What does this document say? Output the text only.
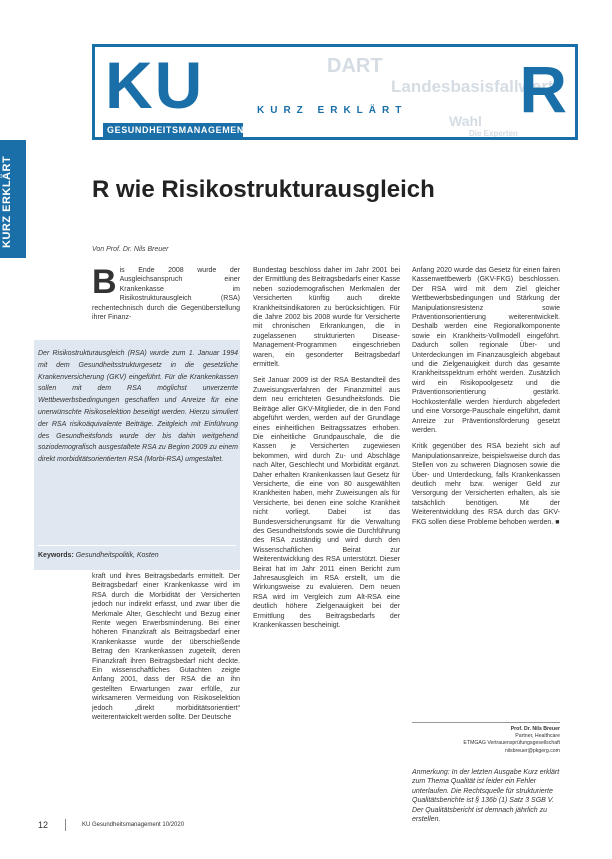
DART
Landesbasisfallwert
Wahl
Die Experten
KU
GESUNDHEITSMANAGEMENT
KURZ ERKLÄRT R
KURZ ERKLÄRT	R wie Risikostrukturausgleich
Von Prof. Dr. Nils Breuer
Bis Ende 2008 wurde der Ausgleichsanspruch einer Krankenkasse im Risikostrukturausgleich (RSA) rechentechnisch durch die Gegenüberstellung ihrer Finanz-
Der Risikostrukturausgleich (RSA) wurde zum 1. Januar 1994 mit dem Gesundheitsstrukturgesetz in die gesetzliche Krankenversicherung (GKV) eingeführt. Für die Krankenkassen sollen mit dem RSA möglichst unverzerrte Wettbewerbsbedingungen geschaffen und Anreize für eine unerwünschte Risikoselektion beseitigt werden. Hierzu simuliert der RSA risikoäquivalente Beiträge. Zeitgleich mit Einführung des Gesundheitsfonds wurde der bis dahin weitgehend soziodemografisch ausgestaltete RSA zu Beginn 2009 zu einem direkt morbiditätsorientierten RSA (Morbi-RSA) umgestaltet.
Keywords: Gesundheitspolitik, Kosten

kraft und ihres Beitragsbedarfs ermittelt. Der Beitragsbedarf einer Krankenkasse wird im RSA durch die Morbidität der Versicherten jedoch nur indirekt erfasst, und zwar über die Merkmale Alter, Geschlecht und Bezug einer Rente wegen Erwerbsminderung. Bei einer höheren Finanzkraft als Beitragsbedarf einer Krankenkasse wurde der überschießende Betrag den Krankenkassen zugeteilt, deren Finanzkraft ihren Beitragsbedarf nicht deckte. Ein wissenschaftliches Gutachten zeigte Anfang 2001, dass der RSA die an ihn gestellten Erwartungen zwar erfülle, zur wirksameren Vermeidung von Risikoselektion jedoch „direkt morbiditätsorientiert“ weiterentwickelt werden sollte. Der Deutsche

Bundestag beschloss daher im Jahr 2001 bei der Ermittlung des Beitragsbedarfs einer Kasse neben soziodemografischen Merkmalen der Versicherten künftig auch direkte Krankheitsindikatoren zu berücksichtigen. Für die Jahre 2002 bis 2008 wurde für Versicherte mit chronischen Erkrankungen, die in zugelassenen strukturierten Disease-Management-Programmen eingeschrieben waren, ein gesonderter Beitragsbedarf ermittelt.

Seit Januar 2009 ist der RSA Bestandteil des Zuweisungsverfahren der Finanzmittel aus dem neu errichteten Gesundheitsfonds. Die Beiträge aller GKV-Mitglieder, die in den Fond abgeführt werden, werden auf der Grundlage eines einheitlichen Beitragssatzes erhoben. Die einheitliche Grundpauschale, die die Kassen je Versicherten zugewiesen bekommen, wird durch Zu- und Abschläge nach Alter, Geschlecht und Morbidität ergänzt. Daher erhalten Krankenkassen laut Gesetz für Versicherte, die eine von 80 ausgewählten Krankheiten haben, mehr Zuweisungen als für Versicherte, bei denen eine solche Krankheit nicht vorliegt. Dabei ist das Bundesversicherungsamt für die Verwaltung des Gesundheitsfonds sowie die Durchführung des RSA zuständig und wird durch den Wissenschaftlichen Beirat zur Weiterentwicklung des RSA unterstützt. Dieser Beirat hat im Jahr 2011 einen Bericht zum Jahresausgleich im RSA erstellt, um die Wirkungsweise zu evaluieren. Dem neuen RSA wird im Vergleich zum Alt-RSA eine deutlich höhere Zielgenauigkeit bei der Ermittlung des Beitragsbedarfs der Krankenkassen bescheinigt.

Anfang 2020 wurde das Gesetz für einen fairen Kassenwettbewerb (GKV-FKG) beschlossen. Der RSA wird mit dem Ziel gleicher Wettbewerbsbedingungen und Stärkung der Manipulationsresistenz sowie Präventionsorientierung weiterentwickelt. Deshalb werden eine Regionalkomponente sowie ein Krankheits-Vollmodell eingeführt. Dadurch sollen regionale Über- und Unterdeckungen im Finanzausgleich abgebaut und die Zielgenauigkeit durch das gesamte Krankheitsspektrum erhöht werden. Zusätzlich wird ein Risikopoolgesetz und die Präventionsorientierung gestärkt. Hochkostenfälle werden hierdurch abgefedert und eine Vorsorge-Pauschale eingeführt, damit Anreize zur Präventionsförderung gesetzt werden.

Kritik gegenüber des RSA bezieht sich auf Manipulationsanreize, beispielsweise durch das Stellen von zu schweren Diagnosen sowie die Über- und Unterdeckung, falls Krankenkassen deutlich mehr bzw. weniger Geld zur Versorgung der Versicherten erhalten, als sie tatsächlich benötigen. Mit der Weiterentwicklung des RSA durch das GKV-FKG sollen diese Probleme behoben werden. ■

Prof. Dr. Nils Breuer
Partner, Healthcare
ETMGAG Vertrauensprüfungsgesellschaft
nilsbreuer@pkgerg.com
Anmerkung: In der letzten Ausgabe Kurz erklärt zum Thema Qualität ist leider ein Fehler unterlaufen. Die Rechtsquelle für strukturierte Qualitätsberichte ist § 136b (1) Satz 3 SGB V. Der Qualitätsbericht ist demnach jährlich zu erstellen.
12	KU Gesundheitsmanagement 10/2020
